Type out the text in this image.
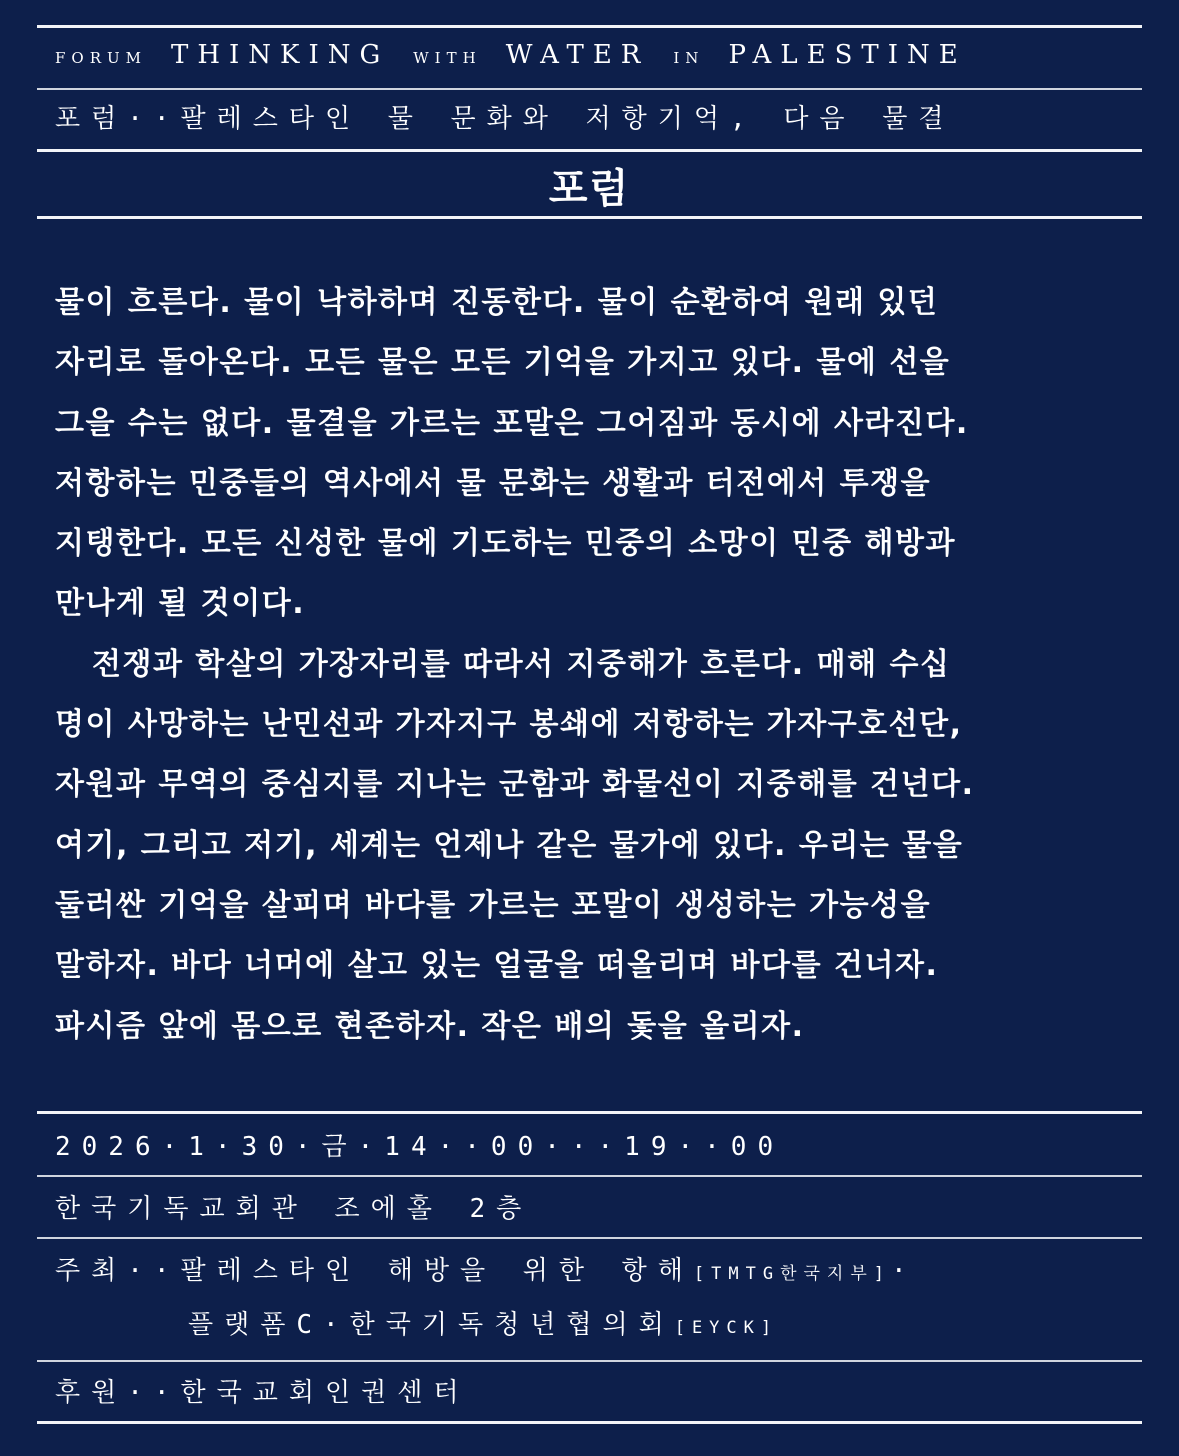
FORUM THINKING WITH WATER IN PALESTINE
포럼··팔레스타인 물 문화와 저항기억, 다음 물결
포럼
물이 흐른다. 물이 낙하하며 진동한다. 물이 순환하여 원래 있던
자리로 돌아온다. 모든 물은 모든 기억을 가지고 있다. 물에 선을
그을 수는 없다. 물결을 가르는 포말은 그어짐과 동시에 사라진다.
저항하는 민중들의 역사에서 물 문화는 생활과 터전에서 투쟁을
지탱한다. 모든 신성한 물에 기도하는 민중의 소망이 민중 해방과
만나게 될 것이다.
전쟁과 학살의 가장자리를 따라서 지중해가 흐른다. 매해 수십
명이 사망하는 난민선과 가자지구 봉쇄에 저항하는 가자구호선단,
자원과 무역의 중심지를 지나는 군함과 화물선이 지중해를 건넌다.
여기, 그리고 저기, 세계는 언제나 같은 물가에 있다. 우리는 물을
둘러싼 기억을 살피며 바다를 가르는 포말이 생성하는 가능성을
말하자. 바다 너머에 살고 있는 얼굴을 떠올리며 바다를 건너자.
파시즘 앞에 몸으로 현존하자. 작은 배의 돛을 올리자.
2026·1·30·금·14··00···19··00
한국기독교회관 조에홀 2층
주최··팔레스타인 해방을 위한 항해[TMTG한국지부]·
플랫폼C·한국기독청년협의회[EYCK]
후원··한국교회인권센터
